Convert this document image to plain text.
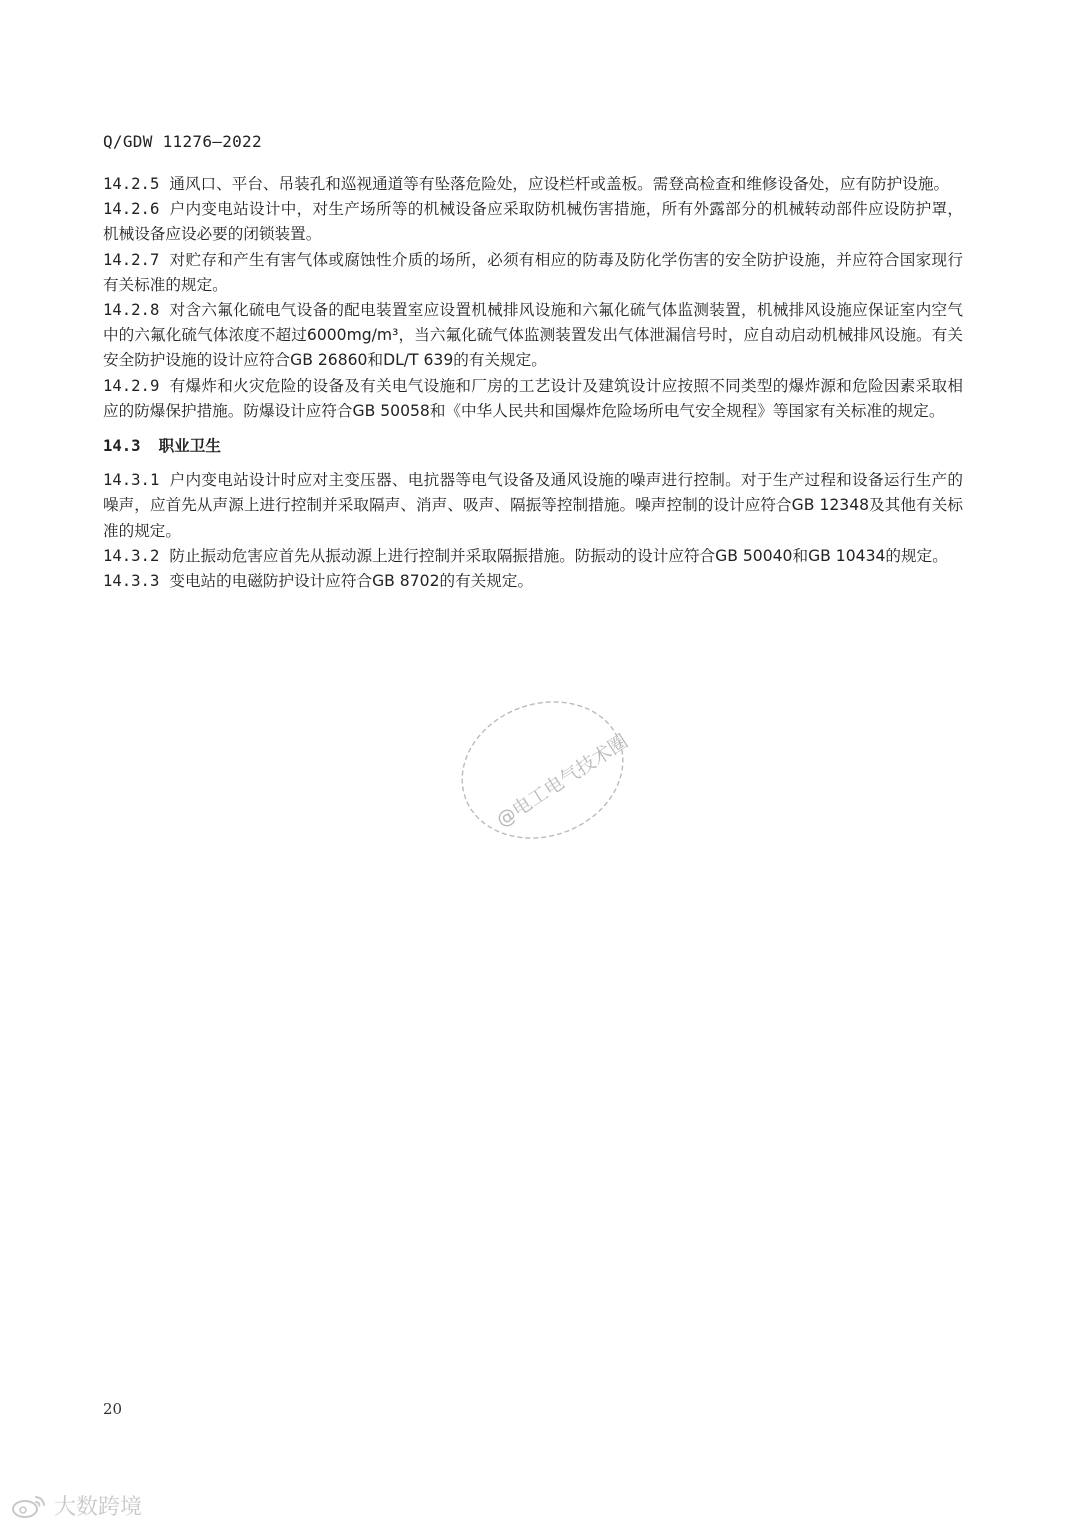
Q/GDW 11276—2022

14.2.5 通风口、平台、吊装孔和巡视通道等有坠落危险处，应设栏杆或盖板。需登高检查和维修设备处，应有防护设施。

14.2.6 户内变电站设计中，对生产场所等的机械设备应采取防机械伤害措施，所有外露部分的机械转动部件应设防护罩，机械设备应设必要的闭锁装置。

14.2.7 对贮存和产生有害气体或腐蚀性介质的场所，必须有相应的防毒及防化学伤害的安全防护设施，并应符合国家现行有关标准的规定。

14.2.8 对含六氟化硫电气设备的配电装置室应设置机械排风设施和六氟化硫气体监测装置，机械排风设施应保证室内空气中的六氟化硫气体浓度不超过6000mg/m³，当六氟化硫气体监测装置发出气体泄漏信号时，应自动启动机械排风设施。有关安全防护设施的设计应符合GB 26860和DL/T 639的有关规定。

14.2.9 有爆炸和火灾危险的设备及有关电气设施和厂房的工艺设计及建筑设计应按照不同类型的爆炸源和危险因素采取相应的防爆保护措施。防爆设计应符合GB 50058和《中华人民共和国爆炸危险场所电气安全规程》等国家有关标准的规定。

14.3 职业卫生

14.3.1 户内变电站设计时应对主变压器、电抗器等电气设备及通风设施的噪声进行控制。对于生产过程和设备运行生产的噪声，应首先从声源上进行控制并采取隔声、消声、吸声、隔振等控制措施。噪声控制的设计应符合GB 12348及其他有关标准的规定。

14.3.2 防止振动危害应首先从振动源上进行控制并采取隔振措施。防振动的设计应符合GB 50040和GB 10434的规定。

14.3.3 变电站的电磁防护设计应符合GB 8702的有关规定。

@电工电气技术圈
20
大数跨境
